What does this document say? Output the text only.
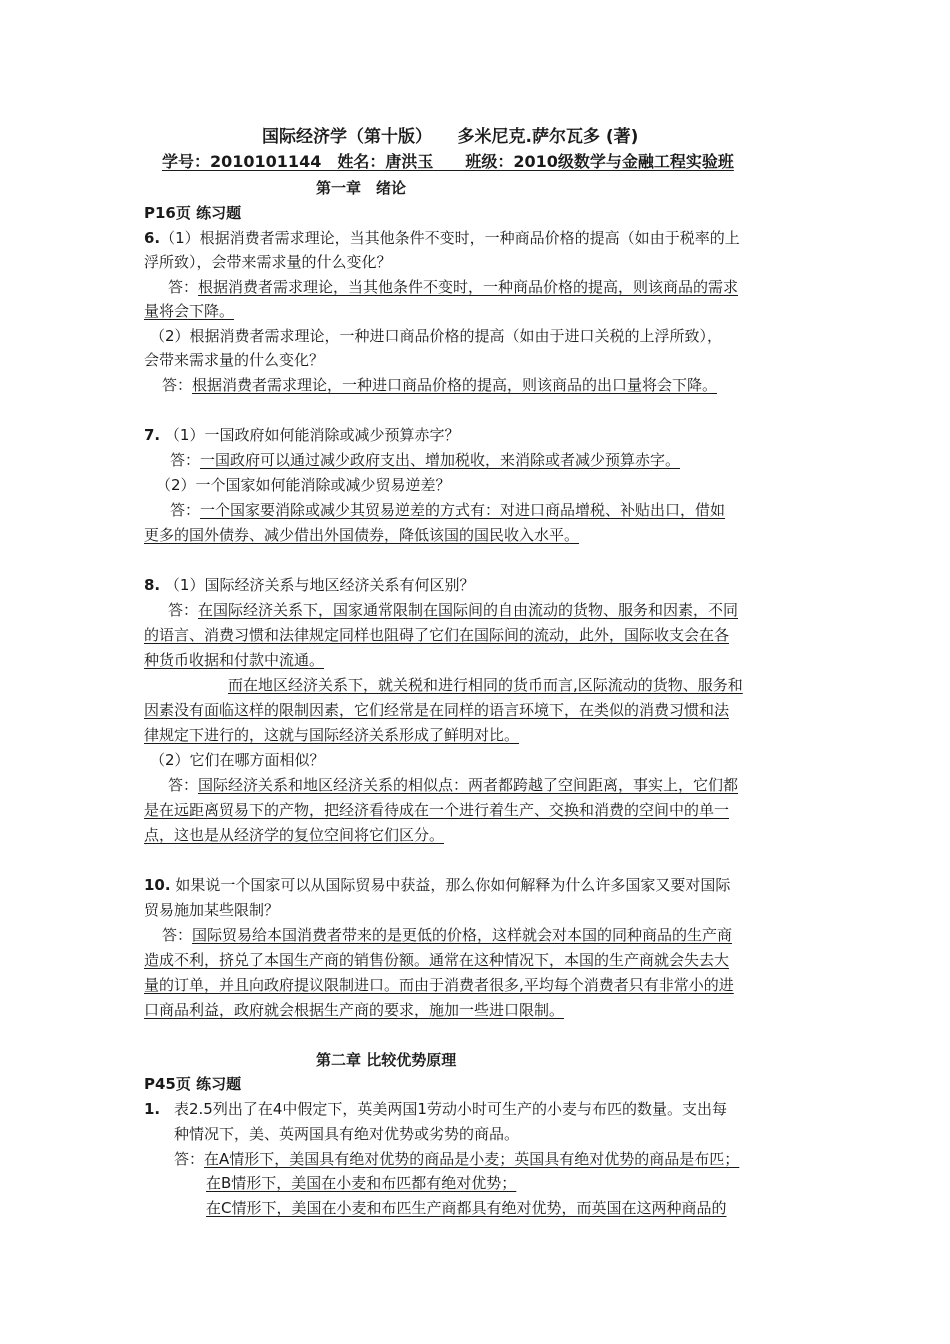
国际经济学（第十版）　　多米尼克.萨尔瓦多 (著)
学号：2010101144　姓名：唐洪玉　　班级：2010级数学与金融工程实验班
第一章　绪论
P16页 练习题
6.（1）根据消费者需求理论，当其他条件不变时，一种商品价格的提高（如由于税率的上
浮所致），会带来需求量的什么变化？
答：根据消费者需求理论，当其他条件不变时，一种商品价格的提高，则该商品的需求
量将会下降。
（2）根据消费者需求理论，一种进口商品价格的提高（如由于进口关税的上浮所致），
会带来需求量的什么变化？
答：根据消费者需求理论，一种进口商品价格的提高，则该商品的出口量将会下降。
7. （1）一国政府如何能消除或减少预算赤字？
答：一国政府可以通过减少政府支出、增加税收，来消除或者减少预算赤字。
（2）一个国家如何能消除或减少贸易逆差？
答：一个国家要消除或减少其贸易逆差的方式有：对进口商品增税、补贴出口，借如
更多的国外债券、减少借出外国债券，降低该国的国民收入水平。
8. （1）国际经济关系与地区经济关系有何区别？
答：在国际经济关系下，国家通常限制在国际间的自由流动的货物、服务和因素，不同
的语言、消费习惯和法律规定同样也阻碍了它们在国际间的流动，此外，国际收支会在各
种货币收据和付款中流通。
而在地区经济关系下，就关税和进行相同的货币而言,区际流动的货物、服务和
因素没有面临这样的限制因素，它们经常是在同样的语言环境下，在类似的消费习惯和法
律规定下进行的，这就与国际经济关系形成了鲜明对比。
（2）它们在哪方面相似？
答：国际经济关系和地区经济关系的相似点：两者都跨越了空间距离，事实上，它们都
是在远距离贸易下的产物，把经济看待成在一个进行着生产、交换和消费的空间中的单一
点，这也是从经济学的复位空间将它们区分。
10. 如果说一个国家可以从国际贸易中获益，那么你如何解释为什么许多国家又要对国际
贸易施加某些限制？
答：国际贸易给本国消费者带来的是更低的价格，这样就会对本国的同种商品的生产商
造成不利，挤兑了本国生产商的销售份额。通常在这种情况下，本国的生产商就会失去大
量的订单，并且向政府提议限制进口。而由于消费者很多,平均每个消费者只有非常小的进
口商品利益，政府就会根据生产商的要求，施加一些进口限制。
第二章 比较优势原理
P45页 练习题
1. 表2.5列出了在4中假定下，英美两国1劳动小时可生产的小麦与布匹的数量。支出每
种情况下，美、英两国具有绝对优势或劣势的商品。
答：在A情形下，美国具有绝对优势的商品是小麦；英国具有绝对优势的商品是布匹；
在B情形下，美国在小麦和布匹都有绝对优势；
在C情形下，美国在小麦和布匹生产商都具有绝对优势，而英国在这两种商品的
